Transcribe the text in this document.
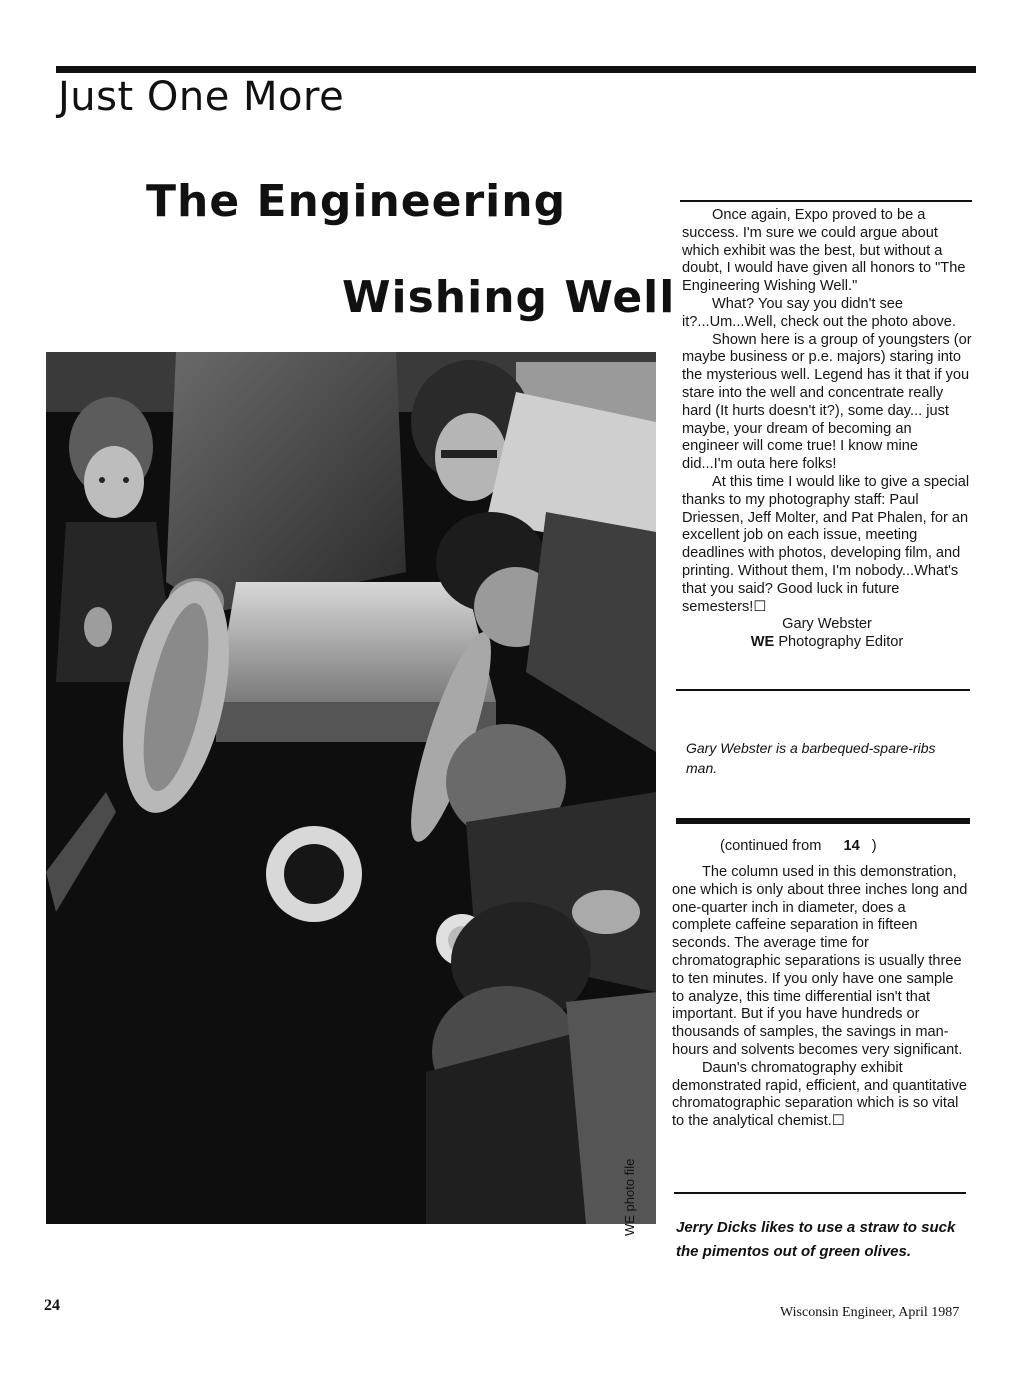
Just One More
The Engineering
Wishing Well
WE photo file

Once again, Expo proved to be a success. I'm sure we could argue about which exhibit was the best, but without a doubt, I would have given all honors to "The Engineering Wishing Well."

What? You say you didn't see it?...Um...Well, check out the photo above.

Shown here is a group of youngsters (or maybe business or p.e. majors) staring into the mysterious well. Legend has it that if you stare into the well and concentrate really hard (It hurts doesn't it?), some day... just maybe, your dream of becoming an engineer will come true! I know mine did...I'm outa here folks!

At this time I would like to give a special thanks to my photography staff: Paul Driessen, Jeff Molter, and Pat Phalen, for an excellent job on each issue, meeting deadlines with photos, developing film, and printing. Without them, I'm nobody...What's that you said? Good luck in future semesters!☐

Gary Webster
WE Photography Editor
Gary Webster is a barbequed-spare-ribs man.
(continued from 14 )

The column used in this demonstration, one which is only about three inches long and one-quarter inch in diameter, does a complete caffeine separation in fifteen seconds. The average time for chromatographic separations is usually three to ten minutes. If you only have one sample to analyze, this time differential isn't that important. But if you have hundreds or thousands of samples, the savings in man-hours and solvents becomes very significant.

Daun's chromatography exhibit demonstrated rapid, efficient, and quantitative chromatographic separation which is so vital to the analytical chemist.☐

Jerry Dicks likes to use a straw to suck the pimentos out of green olives.
24	Wisconsin Engineer, April 1987
